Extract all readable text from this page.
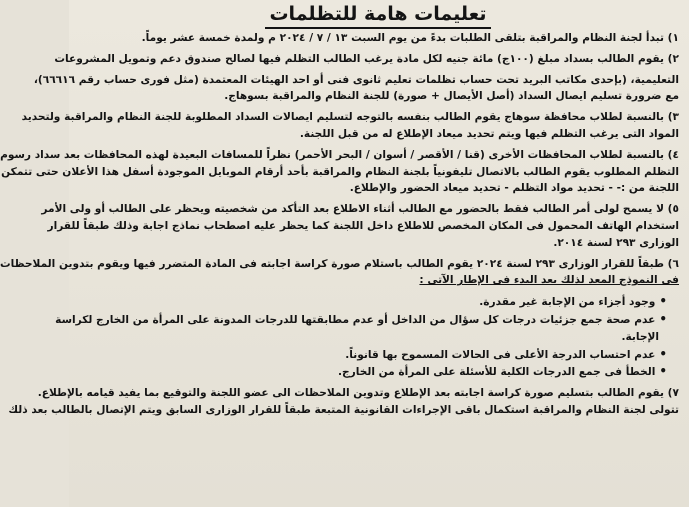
تعليمات هامة للتظلمات
١) تبدأ لجنة النظام والمراقبة بتلقى الطلبات بدءً من يوم السبت ١٣ / ٧ / ٢٠٢٤ م ولمدة خمسة عشر يوماً.
٢) يقوم الطالب بسداد مبلغ (١٠٠ج) مائة جنيه لكل مادة يرغب الطالب التظلم فيها لصالح صندوق دعم وتمويل المشروعات
التعليمية، (بإحدى مكاتب البريد تحت حساب تظلمات تعليم ثانوى فنى أو احد الهيئات المعتمدة (مثل فورى حساب رقم ٦٦٦١٦)،
مع ضرورة تسليم ايصال السداد (أصل الأيصال + صورة) للجنة النظام والمراقبة بسوهاج.
٣) بالنسبة لطلاب محافظة سوهاج يقوم الطالب بنفسه بالتوجه لتسليم ايصالات السداد المطلوبة للجنة النظام والمراقبة ولتحديد
المواد التى يرغب التظلم فيها ويتم تحديد ميعاد الإطلاع له من قبل اللجنة.
٤) بالنسبة لطلاب المحافظات الأخرى (قنا / الأقصر / أسوان / البحر الأحمر) نظراً للمسافات البعيدة لهذه المحافظات بعد سداد رسوم
التظلم المطلوب يقوم الطالب بالاتصال تليفونياً بلجنة النظام والمراقبة بأحد أرقام الموبايل الموجودة أسفل هذا الأعلان حتى تتمكن
اللجنة من :- - تحديد مواد التظلم - تحديد ميعاد الحضور والإطلاع.
٥) لا يسمح لولى أمر الطالب فقط بالحضور مع الطالب أثناء الاطلاع بعد التأكد من شخصيته ويحظر على الطالب أو ولى الأمر
استخدام الهاتف المحمول فى المكان المخصص للاطلاع داخل اللجنة كما يحظر عليه اصطحاب نماذج اجابة وذلك طبقاً للقرار
الوزارى ٢٩٣ لسنة ٢٠١٤.
٦) طبقاً للقرار الوزارى ٢٩٣ لسنة ٢٠٢٤ يقوم الطالب باستلام صورة كراسة اجابته فى المادة المتضرر فيها ويقوم بتدوين الملاحظات
فى النموذج المعد لذلك بعد البدء فى الإطار الآتى :
• وجود أجزاء من الإجابة غير مقدرة.
• عدم صحة جمع جزئيات درجات كل سؤال من الداخل أو عدم مطابقتها للدرجات المدونة على المرأة من الخارج لكراسة
الإجابة.
• عدم احتساب الدرجة الأعلى فى الحالات المسموح بها قانوناً.
• الخطأ فى جمع الدرجات الكلية للأسئلة على المرأة من الخارج.
٧) يقوم الطالب بتسليم صورة كراسة اجابته بعد الإطلاع وتدوين الملاحظات الى عضو اللجنة والتوقيع بما يفيد قيامه بالإطلاع.
تتولى لجنة النظام والمراقبة استكمال باقى الإجراءات القانونية المتبعة طبقاً للقرار الوزارى السابق ويتم الإتصال بالطالب بعد ذلك
